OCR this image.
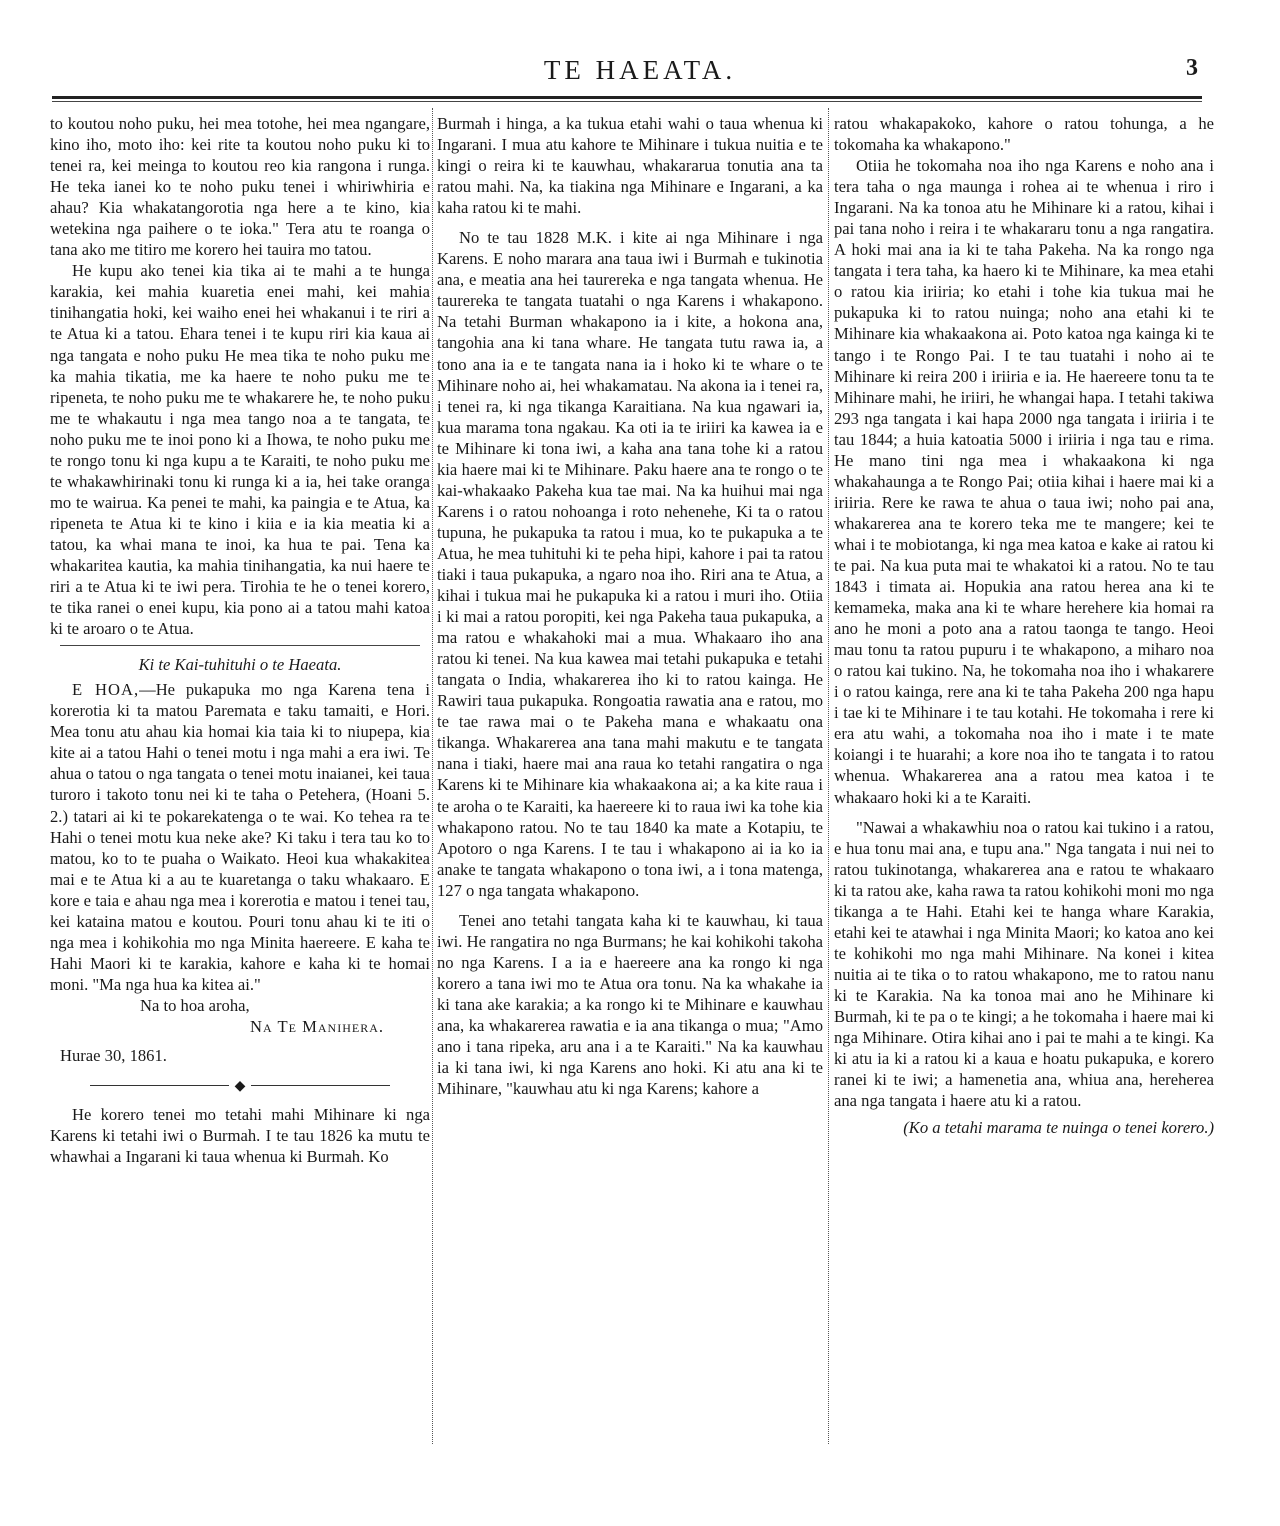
TE HAEATA.	3

to koutou noho puku, hei mea totohe, hei mea ngangare, kino iho, moto iho: kei rite ta koutou noho puku ki to tenei ra, kei meinga to koutou reo kia rangona i runga. He teka ianei ko te noho puku tenei i whiriwhiria e ahau? Kia whakatangorotia nga here a te kino, kia wetekina nga paihere o te ioka." Tera atu te roanga o tana ako me titiro me korero hei tauira mo tatou.

He kupu ako tenei kia tika ai te mahi a te hunga karakia, kei mahia kuaretia enei mahi, kei mahia tinihangatia hoki, kei waiho enei hei whakanui i te riri a te Atua ki a tatou. Ehara tenei i te kupu riri kia kaua ai nga tangata e noho puku He mea tika te noho puku me ka mahia tikatia, me ka haere te noho puku me te ripeneta, te noho puku me te whakarere he, te noho puku me te whakautu i nga mea tango noa a te tangata, te noho puku me te inoi pono ki a Ihowa, te noho puku me te rongo tonu ki nga kupu a te Karaiti, te noho puku me te whakawhirinaki tonu ki runga ki a ia, hei take oranga mo te wairua. Ka penei te mahi, ka paingia e te Atua, ka ripeneta te Atua ki te kino i kiia e ia kia meatia ki a tatou, ka whai mana te inoi, ka hua te pai. Tena ka whakaritea kautia, ka mahia tinihangatia, ka nui haere te riri a te Atua ki te iwi pera. Tirohia te he o tenei korero, te tika ranei o enei kupu, kia pono ai a tatou mahi katoa ki te aroaro o te Atua.

Ki te Kai-tuhituhi o te Haeata.

E HOA,—He pukapuka mo nga Karena tena i korerotia ki ta matou Paremata e taku tamaiti, e Hori. Mea tonu atu ahau kia homai kia taia ki to niupepa, kia kite ai a tatou Hahi o tenei motu i nga mahi a era iwi. Te ahua o tatou o nga tangata o tenei motu inaianei, kei taua turoro i takoto tonu nei ki te taha o Petehera, (Hoani 5. 2.) tatari ai ki te pokarekatenga o te wai. Ko tehea ra te Hahi o tenei motu kua neke ake? Ki taku i tera tau ko to matou, ko to te puaha o Waikato. Heoi kua whakakitea mai e te Atua ki a au te kuaretanga o taku whakaaro. E kore e taia e ahau nga mea i korerotia e matou i tenei tau, kei kataina matou e koutou. Pouri tonu ahau ki te iti o nga mea i kohikohia mo nga Minita haereere. E kaha te Hahi Maori ki te karakia, kahore e kaha ki te homai moni. "Ma nga hua ka kitea ai."

Na to hoa aroha,

Na Te Manihera.

Hurae 30, 1861.

◆

He korero tenei mo tetahi mahi Mihinare ki nga Karens ki tetahi iwi o Burmah. I te tau 1826 ka mutu te whawhai a Ingarani ki taua whenua ki Burmah. Ko

Burmah i hinga, a ka tukua etahi wahi o taua whenua ki Ingarani. I mua atu kahore te Mihinare i tukua nuitia e te kingi o reira ki te kauwhau, whakararua tonutia ana ta ratou mahi. Na, ka tiakina nga Mihinare e Ingarani, a ka kaha ratou ki te mahi.

No te tau 1828 M.K. i kite ai nga Mihinare i nga Karens. E noho marara ana taua iwi i Burmah e tukinotia ana, e meatia ana hei taurereka e nga tangata whenua. He taurereka te tangata tuatahi o nga Karens i whakapono. Na tetahi Burman whakapono ia i kite, a hokona ana, tangohia ana ki tana whare. He tangata tutu rawa ia, a tono ana ia e te tangata nana ia i hoko ki te whare o te Mihinare noho ai, hei whakamatau. Na akona ia i tenei ra, i tenei ra, ki nga tikanga Karaitiana. Na kua ngawari ia, kua marama tona ngakau. Ka oti ia te iriiri ka kawea ia e te Mihinare ki tona iwi, a kaha ana tana tohe ki a ratou kia haere mai ki te Mihinare. Paku haere ana te rongo o te kai-whakaako Pakeha kua tae mai. Na ka huihui mai nga Karens i o ratou nohoanga i roto nehenehe, Ki ta o ratou tupuna, he pukapuka ta ratou i mua, ko te pukapuka a te Atua, he mea tuhituhi ki te peha hipi, kahore i pai ta ratou tiaki i taua pukapuka, a ngaro noa iho. Riri ana te Atua, a kihai i tukua mai he pukapuka ki a ratou i muri iho. Otiia i ki mai a ratou poropiti, kei nga Pakeha taua pukapuka, a ma ratou e whakahoki mai a mua. Whakaaro iho ana ratou ki tenei. Na kua kawea mai tetahi pukapuka e tetahi tangata o India, whakarerea iho ki to ratou kainga. He Rawiri taua pukapuka. Rongoatia rawatia ana e ratou, mo te tae rawa mai o te Pakeha mana e whakaatu ona tikanga. Whakarerea ana tana mahi makutu e te tangata nana i tiaki, haere mai ana raua ko tetahi rangatira o nga Karens ki te Mihinare kia whakaakona ai; a ka kite raua i te aroha o te Karaiti, ka haereere ki to raua iwi ka tohe kia whakapono ratou. No te tau 1840 ka mate a Kotapiu, te Apotoro o nga Karens. I te tau i whakapono ai ia ko ia anake te tangata whakapono o tona iwi, a i tona matenga, 127 o nga tangata whakapono.

Tenei ano tetahi tangata kaha ki te kauwhau, ki taua iwi. He rangatira no nga Burmans; he kai kohikohi takoha no nga Karens. I a ia e haereere ana ka rongo ki nga korero a tana iwi mo te Atua ora tonu. Na ka whakahe ia ki tana ake karakia; a ka rongo ki te Mihinare e kauwhau ana, ka whakarerea rawatia e ia ana tikanga o mua; "Amo ano i tana ripeka, aru ana i a te Karaiti." Na ka kauwhau ia ki tana iwi, ki nga Karens ano hoki. Ki atu ana ki te Mihinare, "kauwhau atu ki nga Karens; kahore a

ratou whakapakoko, kahore o ratou tohunga, a he tokomaha ka whakapono."

Otiia he tokomaha noa iho nga Karens e noho ana i tera taha o nga maunga i rohea ai te whenua i riro i Ingarani. Na ka tonoa atu he Mihinare ki a ratou, kihai i pai tana noho i reira i te whakararu tonu a nga rangatira. A hoki mai ana ia ki te taha Pakeha. Na ka rongo nga tangata i tera taha, ka haero ki te Mihinare, ka mea etahi o ratou kia iriiria; ko etahi i tohe kia tukua mai he pukapuka ki to ratou nuinga; noho ana etahi ki te Mihinare kia whakaakona ai. Poto katoa nga kainga ki te tango i te Rongo Pai. I te tau tuatahi i noho ai te Mihinare ki reira 200 i iriiria e ia. He haereere tonu ta te Mihinare mahi, he iriiri, he whangai hapa. I tetahi takiwa 293 nga tangata i kai hapa 2000 nga tangata i iriiria i te tau 1844; a huia katoatia 5000 i iriiria i nga tau e rima. He mano tini nga mea i whakaakona ki nga whakahaunga a te Rongo Pai; otiia kihai i haere mai ki a iriiria. Rere ke rawa te ahua o taua iwi; noho pai ana, whakarerea ana te korero teka me te mangere; kei te whai i te mobiotanga, ki nga mea katoa e kake ai ratou ki te pai. Na kua puta mai te whakatoi ki a ratou. No te tau 1843 i timata ai. Hopukia ana ratou herea ana ki te kemameka, maka ana ki te whare herehere kia homai ra ano he moni a poto ana a ratou taonga te tango. Heoi mau tonu ta ratou pupuru i te whakapono, a miharo noa o ratou kai tukino. Na, he tokomaha noa iho i whakarere i o ratou kainga, rere ana ki te taha Pakeha 200 nga hapu i tae ki te Mihinare i te tau kotahi. He tokomaha i rere ki era atu wahi, a tokomaha noa iho i mate i te mate koiangi i te huarahi; a kore noa iho te tangata i to ratou whenua. Whakarerea ana a ratou mea katoa i te whakaaro hoki ki a te Karaiti.

"Nawai a whakawhiu noa o ratou kai tukino i a ratou, e hua tonu mai ana, e tupu ana." Nga tangata i nui nei to ratou tukinotanga, whakarerea ana e ratou te whakaaro ki ta ratou ake, kaha rawa ta ratou kohikohi moni mo nga tikanga a te Hahi. Etahi kei te hanga whare Karakia, etahi kei te atawhai i nga Minita Maori; ko katoa ano kei te kohikohi mo nga mahi Mihinare. Na konei i kitea nuitia ai te tika o to ratou whakapono, me to ratou nanu ki te Karakia. Na ka tonoa mai ano he Mihinare ki Burmah, ki te pa o te kingi; a he tokomaha i haere mai ki nga Mihinare. Otira kihai ano i pai te mahi a te kingi. Ka ki atu ia ki a ratou ki a kaua e hoatu pukapuka, e korero ranei ki te iwi; a hamenetia ana, whiua ana, hereherea ana nga tangata i haere atu ki a ratou.

(Ko a tetahi marama te nuinga o tenei korero.)
